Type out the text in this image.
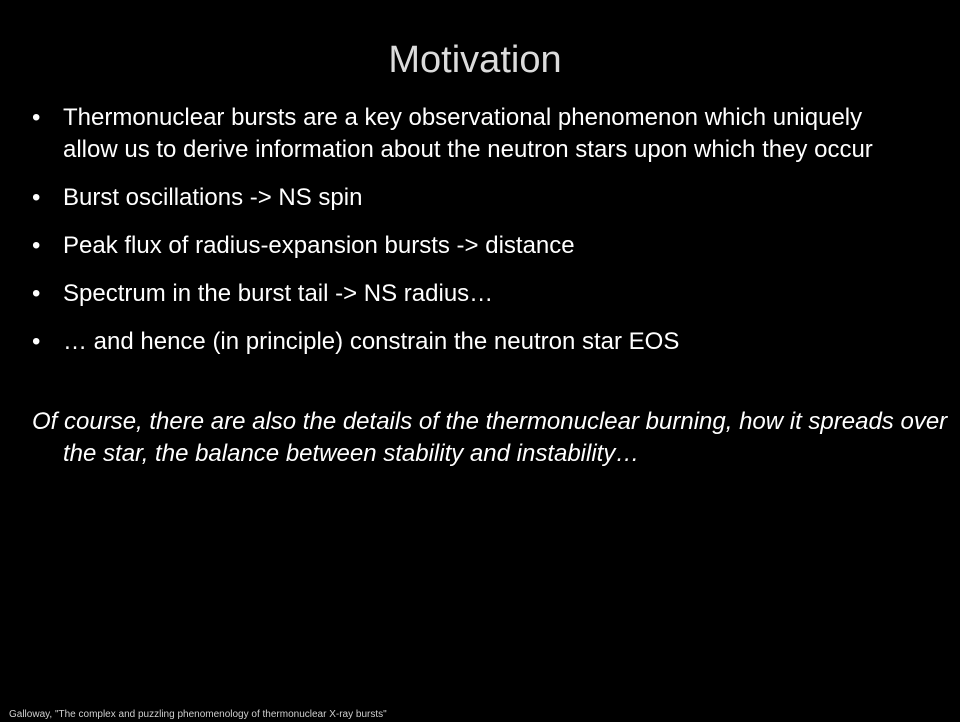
Motivation
• Thermonuclear bursts are a key observational phenomenon which uniquely allow us to derive information about the neutron stars upon which they occur
• Burst oscillations -> NS spin
• Peak flux of radius-expansion bursts -> distance
• Spectrum in the burst tail -> NS radius…
• … and hence (in principle) constrain the neutron star EOS
Of course, there are also the details of the thermonuclear burning, how it spreads over the star, the balance between stability and instability…
Galloway, "The complex and puzzling phenomenology of thermonuclear X-ray bursts"
